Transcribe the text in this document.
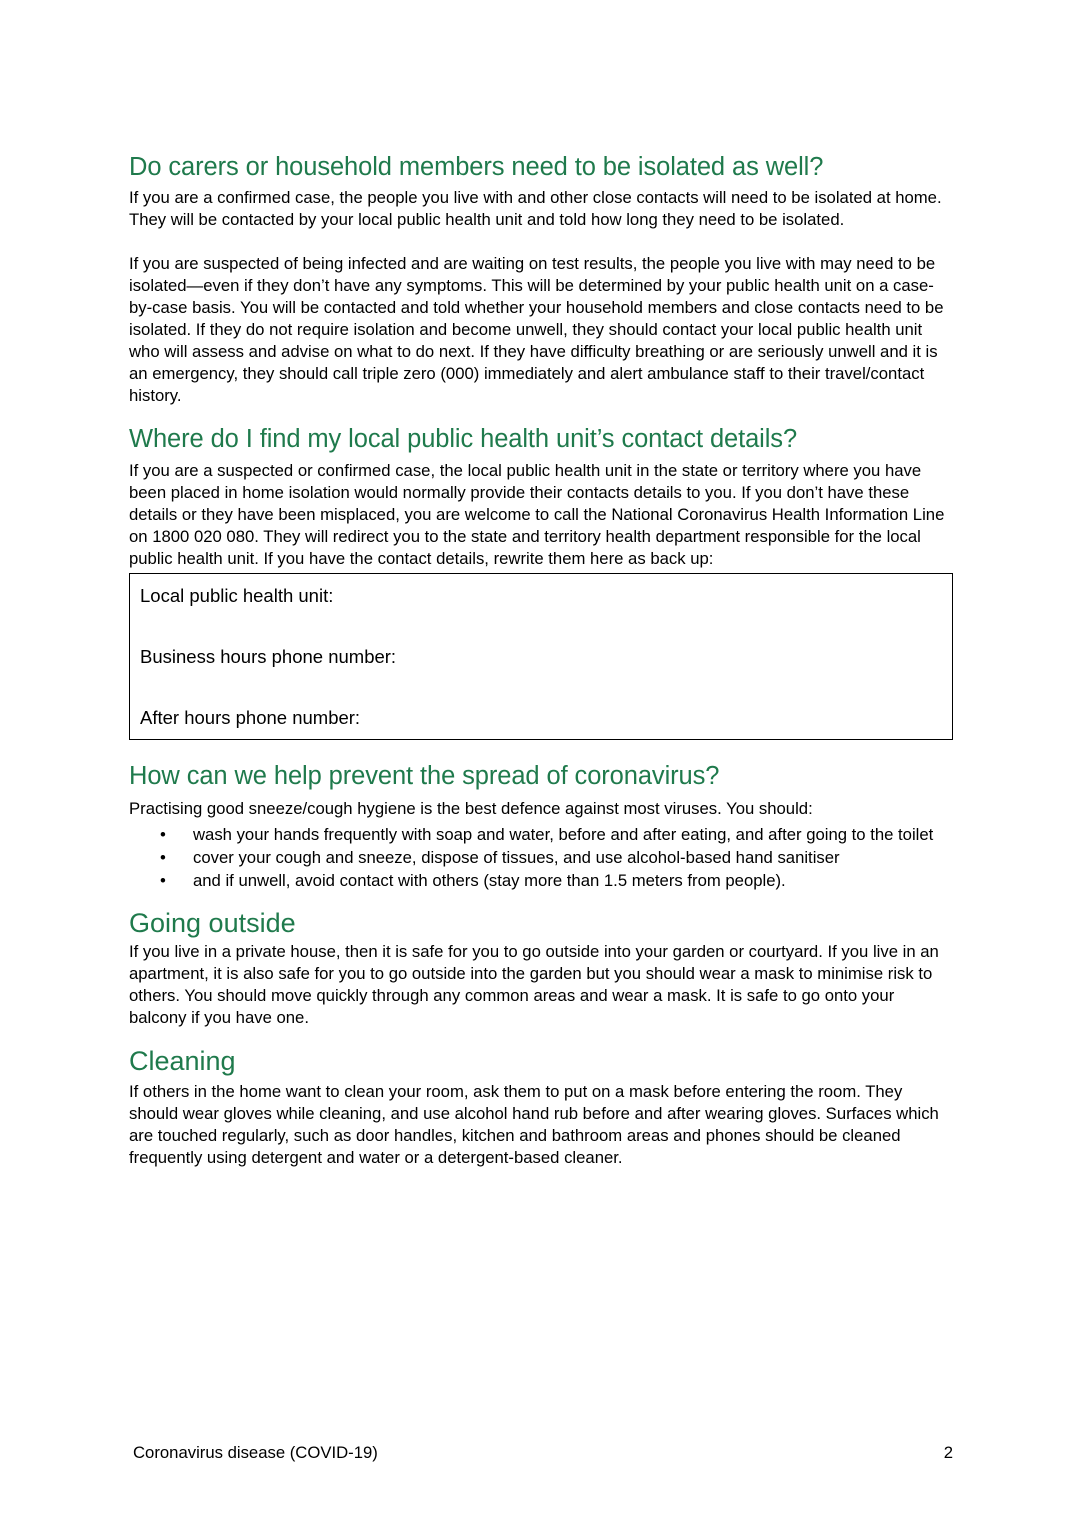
Do carers or household members need to be isolated as well?

If you are a confirmed case, the people you live with and other close contacts will need to be isolated at home. They will be contacted by your local public health unit and told how long they need to be isolated.

If you are suspected of being infected and are waiting on test results, the people you live with may need to be isolated—even if they don’t have any symptoms. This will be determined by your public health unit on a case-by-case basis. You will be contacted and told whether your household members and close contacts need to be isolated. If they do not require isolation and become unwell, they should contact your local public health unit who will assess and advise on what to do next. If they have difficulty breathing or are seriously unwell and it is an emergency, they should call triple zero (000) immediately and alert ambulance staff to their travel/contact history.

Where do I find my local public health unit’s contact details?

If you are a suspected or confirmed case, the local public health unit in the state or territory where you have been placed in home isolation would normally provide their contacts details to you. If you don’t have these details or they have been misplaced, you are welcome to call the National Coronavirus Health Information Line on 1800 020 080. They will redirect you to the state and territory health department responsible for the local public health unit. If you have the contact details, rewrite them here as back up:

Local public health unit:
Business hours phone number:
After hours phone number:
How can we help prevent the spread of coronavirus?

Practising good sneeze/cough hygiene is the best defence against most viruses. You should:

• wash your hands frequently with soap and water, before and after eating, and after going to the toilet
• cover your cough and sneeze, dispose of tissues, and use alcohol-based hand sanitiser
• and if unwell, avoid contact with others (stay more than 1.5 meters from people).
Going outside

If you live in a private house, then it is safe for you to go outside into your garden or courtyard. If you live in an apartment, it is also safe for you to go outside into the garden but you should wear a mask to minimise risk to others. You should move quickly through any common areas and wear a mask. It is safe to go onto your balcony if you have one.

Cleaning

If others in the home want to clean your room, ask them to put on a mask before entering the room. They should wear gloves while cleaning, and use alcohol hand rub before and after wearing gloves. Surfaces which are touched regularly, such as door handles, kitchen and bathroom areas and phones should be cleaned frequently using detergent and water or a detergent-based cleaner.

Coronavirus disease (COVID-19)	2
